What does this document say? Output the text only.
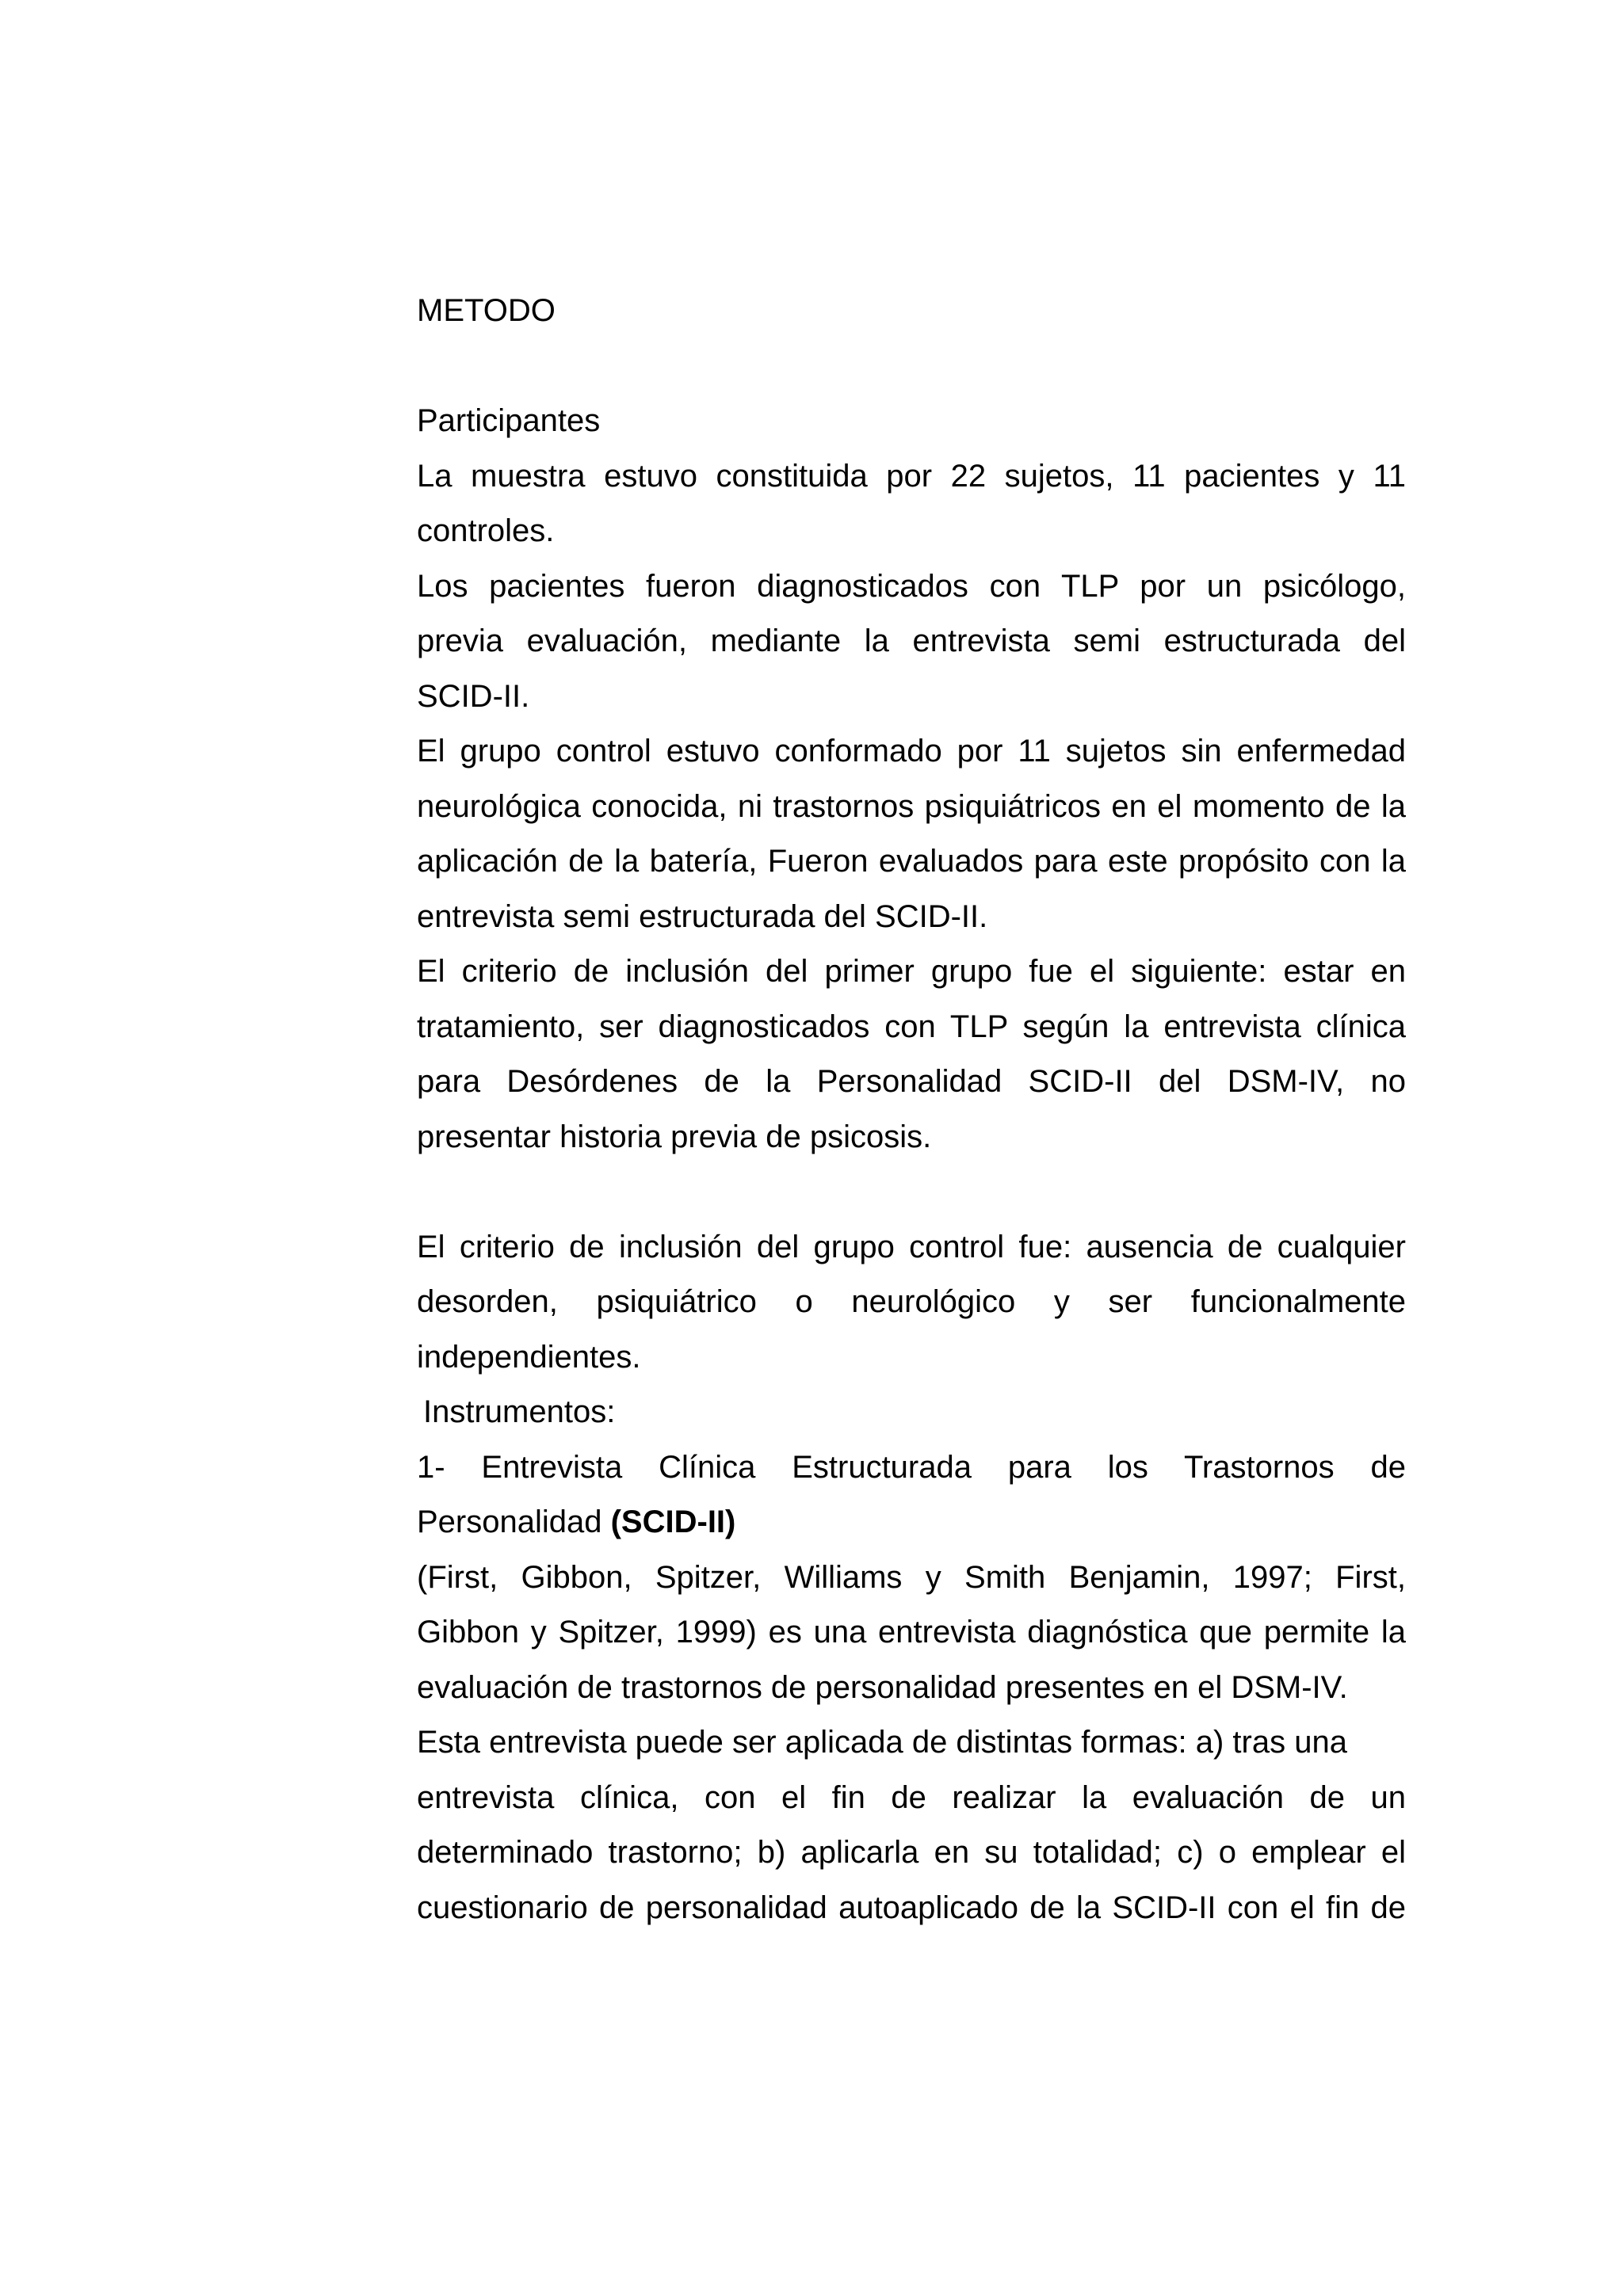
METODO
Participantes
La muestra estuvo constituida por 22 sujetos, 11 pacientes y 11
controles.
Los pacientes fueron diagnosticados con TLP por un psicólogo,
previa evaluación, mediante la entrevista semi estructurada del
SCID-II.
El grupo control estuvo conformado por 11 sujetos sin enfermedad
neurológica conocida, ni trastornos psiquiátricos en el momento de la
aplicación de la batería, Fueron evaluados para este propósito con la
entrevista semi estructurada del SCID-II.
El criterio de inclusión del primer grupo fue el siguiente: estar en
tratamiento, ser diagnosticados con TLP según la entrevista clínica
para Desórdenes de la Personalidad SCID-II del DSM-IV, no
presentar historia previa de psicosis.
El criterio de inclusión del grupo control fue: ausencia de cualquier
desorden, psiquiátrico o neurológico y ser funcionalmente
independientes.
Instrumentos:
1- Entrevista Clínica Estructurada para los Trastornos de
Personalidad (SCID-II)
(First, Gibbon, Spitzer, Williams y Smith Benjamin, 1997; First,
Gibbon y Spitzer, 1999) es una entrevista diagnóstica que permite la
evaluación de trastornos de personalidad presentes en el DSM-IV.
Esta entrevista puede ser aplicada de distintas formas: a) tras una
entrevista clínica, con el fin de realizar la evaluación de un
determinado trastorno; b) aplicarla en su totalidad; c) o emplear el
cuestionario de personalidad autoaplicado de la SCID-II con el fin de
